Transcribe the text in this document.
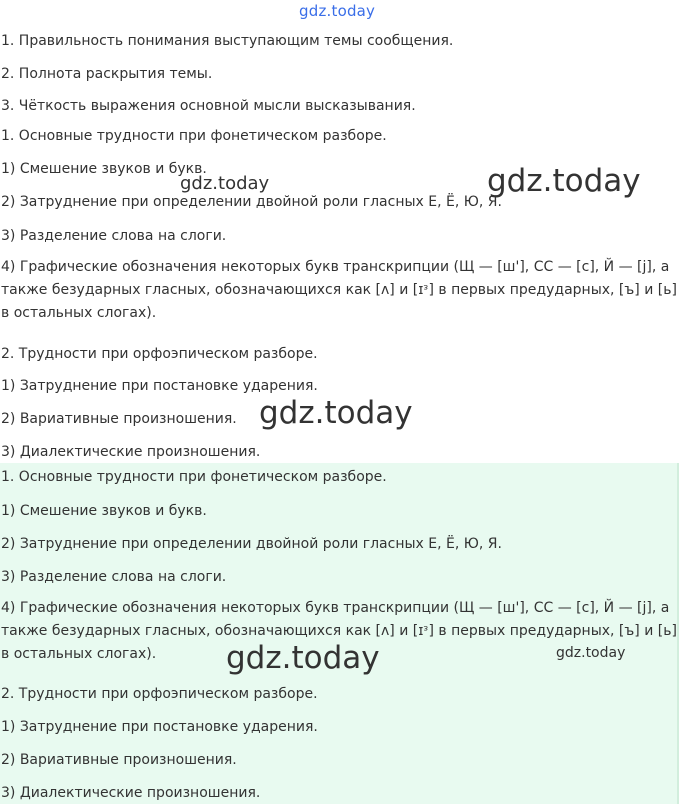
gdz.today

1. Правильность понимания выступающим темы сообщения.

2. Полнота раскрытия темы.

3. Чёткость выражения основной мысли высказывания.

1. Основные трудности при фонетическом разборе.

1) Смешение звуков и букв.

2) Затруднение при определении двойной роли гласных Е, Ё, Ю, Я.

3) Разделение слова на слоги.

4) Графические обозначения некоторых букв транскрипции (Щ — [ш'], СС — [с], Й — [j], а также безударных гласных, обозначающихся как [ʌ] и [ɪᵌ] в первых предударных, [ъ] и [ь] в остальных слогах).

2. Трудности при орфоэпическом разборе.

1) Затруднение при постановке ударения.

2) Вариативные произношения.

3) Диалектические произношения.

1. Основные трудности при фонетическом разборе.

1) Смешение звуков и букв.

2) Затруднение при определении двойной роли гласных Е, Ё, Ю, Я.

3) Разделение слова на слоги.

4) Графические обозначения некоторых букв транскрипции (Щ — [ш'], СС — [с], Й — [j], а также безударных гласных, обозначающихся как [ʌ] и [ɪᵌ] в первых предударных, [ъ] и [ь] в остальных слогах).

2. Трудности при орфоэпическом разборе.

1) Затруднение при постановке ударения.

2) Вариативные произношения.

3) Диалектические произношения.

gdz.today	gdz.today
gdz.today
gdz.today	gdz.today
